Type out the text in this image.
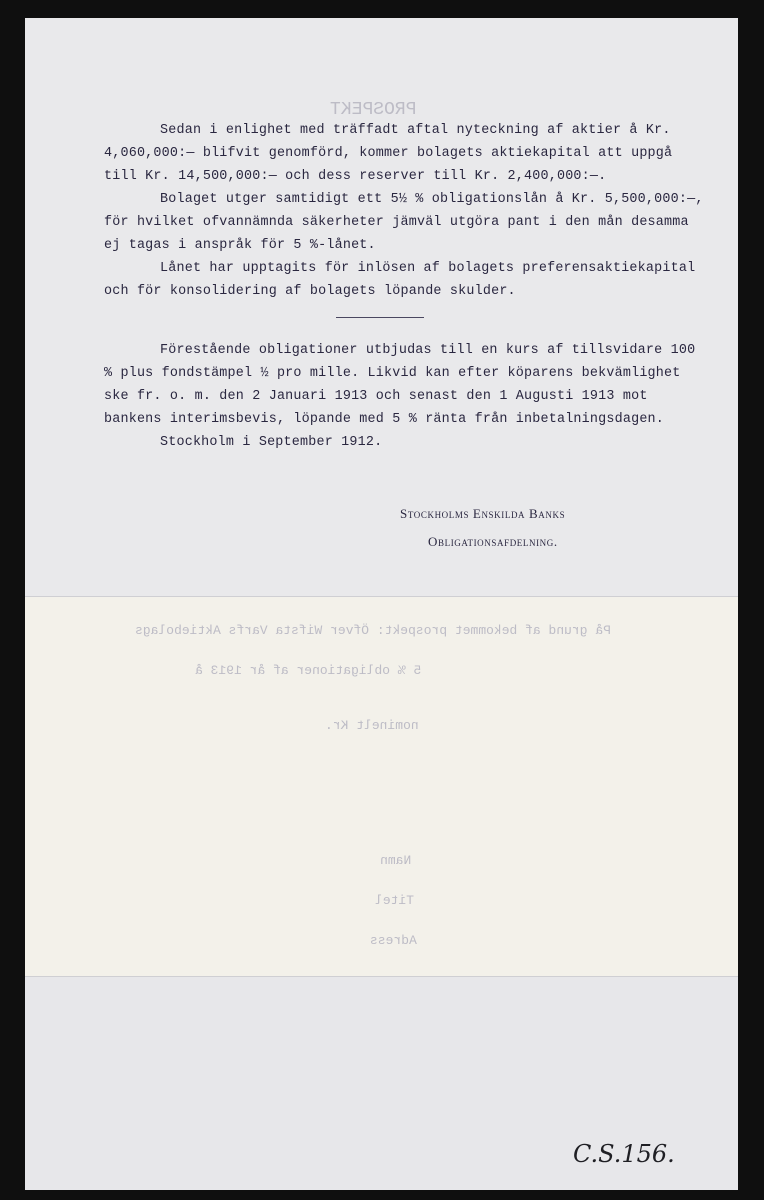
PROSPEKT
På grund af bekommet prospekt: Öfver Wifsta Varfs Aktiebolags
5 % obligationer af år 1913 å
nominelt Kr.
Namn
Titel
Adress

Sedan i enlighet med träffadt aftal nyteckning af aktier å Kr. 4,060,000:— blifvit genomförd, kommer bolagets aktiekapital att uppgå till Kr. 14,500,000:— och dess reserver till Kr. 2,400,000:—.

Bolaget utger samtidigt ett 5½ % obligationslån å Kr. 5,500,000:—, för hvilket ofvannämnda säkerheter jämväl utgöra pant i den mån desamma ej tagas i anspråk för 5 %-lånet.

Lånet har upptagits för inlösen af bolagets preferensaktiekapital och för konsolidering af bolagets löpande skulder.

Förestående obligationer utbjudas till en kurs af tillsvidare 100 % plus fondstämpel ½ pro mille. Likvid kan efter köparens bekvämlighet ske fr. o. m. den 2 Januari 1913 och senast den 1 Augusti 1913 mot bankens interimsbevis, löpande med 5 % ränta från inbetalningsdagen.

Stockholm i September 1912.

Stockholms Enskilda Banks
Obligationsafdelning.
C.S.156.
